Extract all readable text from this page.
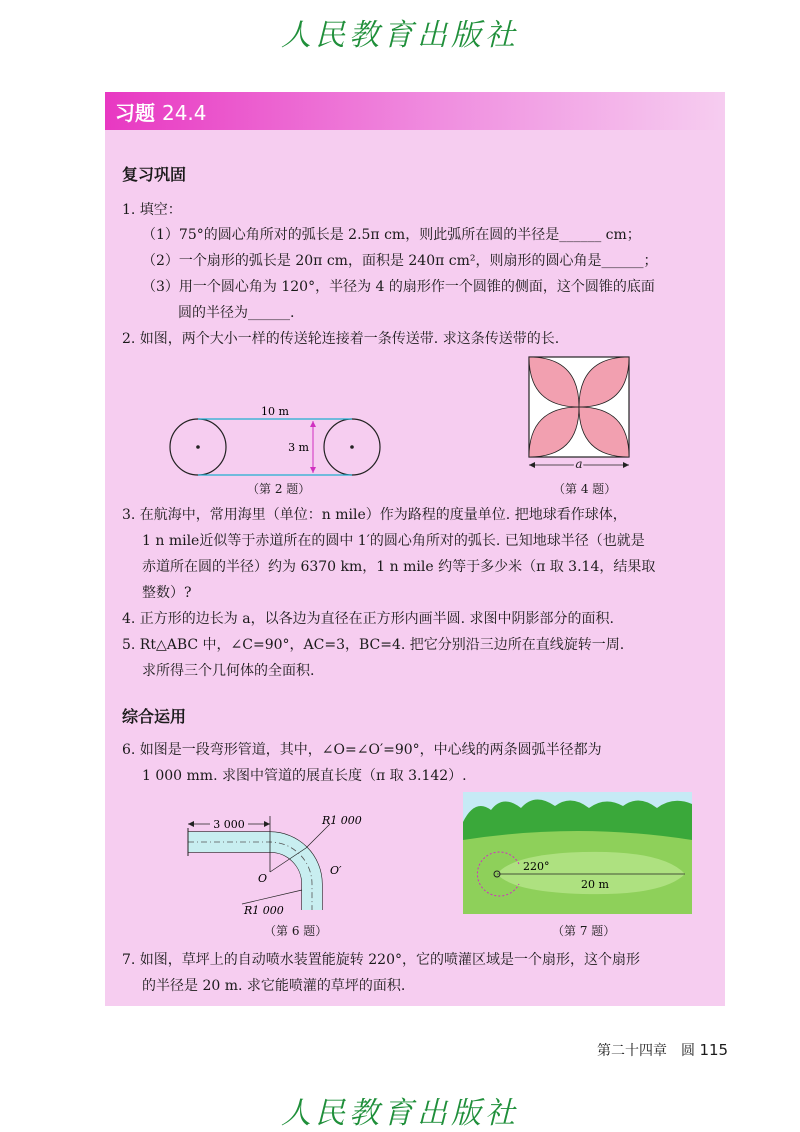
人民教育出版社
习题 24.4
复习巩固
1. 填空：
（1）75°的圆心角所对的弧长是 2.5π cm，则此弧所在圆的半径是______ cm；
（2）一个扇形的弧长是 20π cm，面积是 240π cm²，则扇形的圆心角是______；
（3）用一个圆心角为 120°，半径为 4 的扇形作一个圆锥的侧面，这个圆锥的底面
圆的半径为______.
2. 如图，两个大小一样的传送轮连接着一条传送带. 求这条传送带的长.
10 m
3 m
（第 2 题）
a
（第 4 题）
3. 在航海中，常用海里（单位：n mile）作为路程的度量单位. 把地球看作球体，
1 n mile近似等于赤道所在的圆中 1′的圆心角所对的弧长. 已知地球半径（也就是
赤道所在圆的半径）约为 6370 km，1 n mile 约等于多少米（π 取 3.14，结果取
整数）?
4. 正方形的边长为 a，以各边为直径在正方形内画半圆. 求图中阴影部分的面积.
5. Rt△ABC 中，∠C=90°，AC=3，BC=4. 把它分别沿三边所在直线旋转一周.
求所得三个几何体的全面积.
综合运用
6. 如图是一段弯形管道，其中，∠O=∠O′=90°，中心线的两条圆弧半径都为
1 000 mm. 求图中管道的展直长度（π 取 3.142）.
3 000	R1 000
O
O′
R1 000
（第 6 题）
220°
20 m
（第 7 题）
7. 如图，草坪上的自动喷水装置能旋转 220°，它的喷灌区域是一个扇形，这个扇形
的半径是 20 m. 求它能喷灌的草坪的面积.
第二十四章　圆 115
人民教育出版社
